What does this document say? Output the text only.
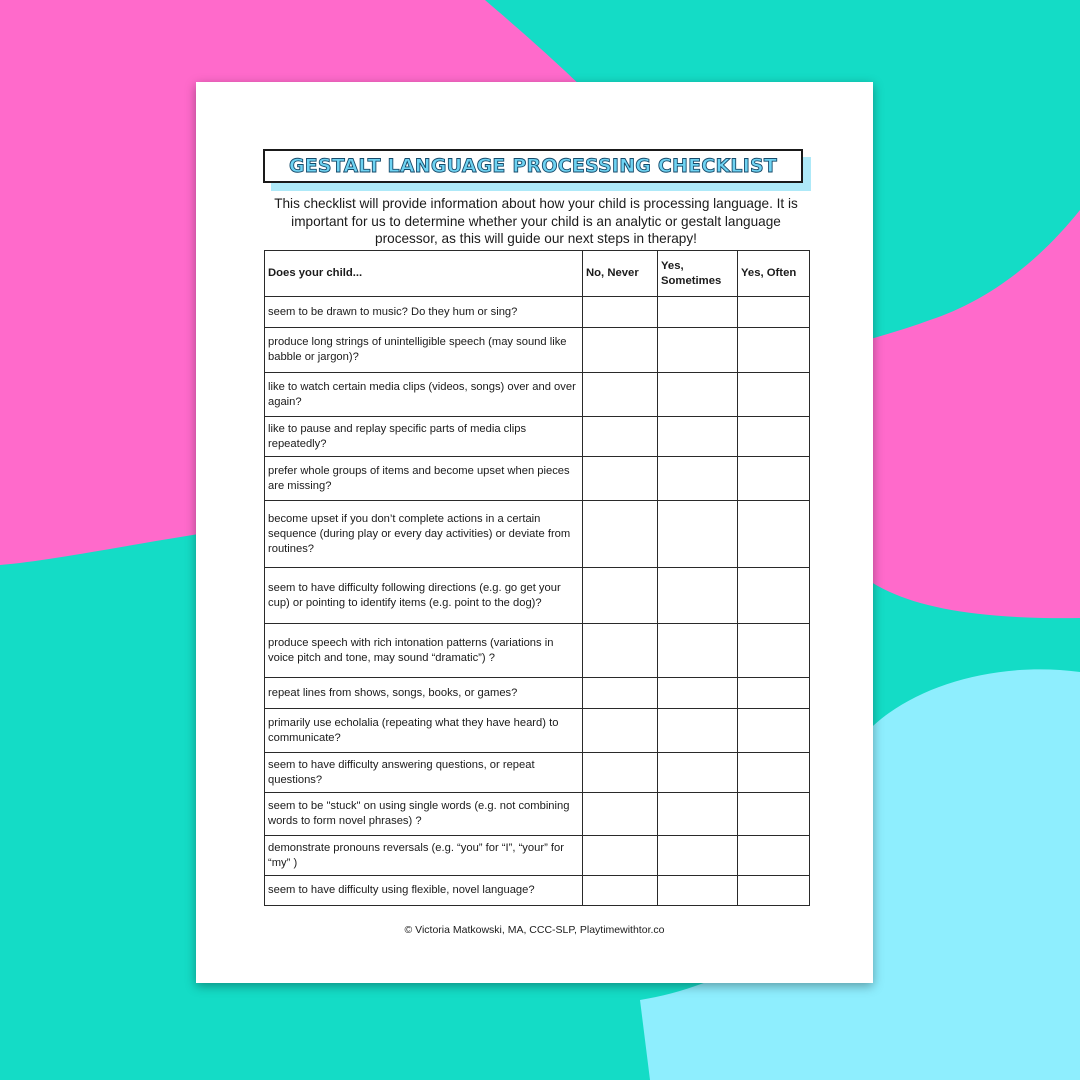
GESTALT LANGUAGE PROCESSING CHECKLIST
This checklist will provide information about how your child is processing language. It is important for us to determine whether your child is an analytic or gestalt language processor, as this will guide our next steps in therapy!
Does your child...	No, Never	Yes, Sometimes	Yes, Often
seem to be drawn to music? Do they hum or sing?			
produce long strings of unintelligible speech (may sound like babble or jargon)?			
like to watch certain media clips (videos, songs) over and over again?			
like to pause and replay specific parts of media clips repeatedly?			
prefer whole groups of items and become upset when pieces are missing?			
become upset if you don’t complete actions in a certain sequence (during play or every day activities) or deviate from routines?			
seem to have difficulty following directions (e.g. go get your cup) or pointing to identify items (e.g. point to the dog)?			
produce speech with rich intonation patterns (variations in voice pitch and tone, may sound “dramatic”) ?			
repeat lines from shows, songs, books, or games?			
primarily use echolalia (repeating what they have heard) to communicate?			
seem to have difficulty answering questions, or repeat questions?			
seem to be "stuck" on using single words (e.g. not combining words to form novel phrases) ?			
demonstrate pronouns reversals (e.g. “you” for “I”, “your” for “my” )			
seem to have difficulty using flexible, novel language?			
© Victoria Matkowski, MA, CCC-SLP, Playtimewithtor.co
